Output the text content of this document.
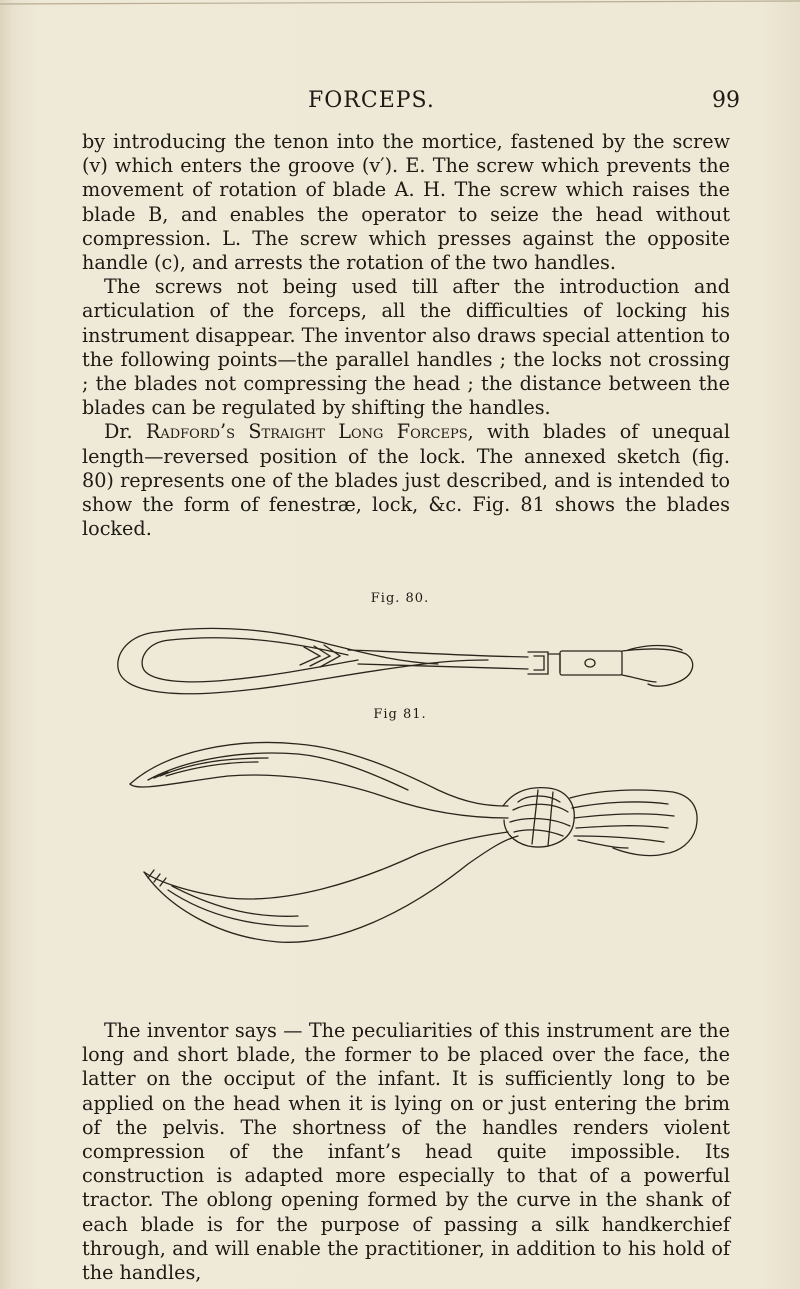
FORCEPS.	99

by introducing the tenon into the mortice, fastened by the screw (v) which enters the groove (v′). E. The screw which prevents the movement of rotation of blade A. H. The screw which raises the blade B, and enables the operator to seize the head without compression. L. The screw which presses against the opposite handle (c), and arrests the rotation of the two handles.

The screws not being used till after the introduction and articulation of the forceps, all the difficulties of locking his instrument disappear. The inventor also draws special attention to the following points—the parallel handles ; the locks not crossing ; the blades not compressing the head ; the distance between the blades can be regulated by shifting the handles.

Dr. Radford’s Straight Long Forceps, with blades of unequal length—reversed position of the lock. The annexed sketch (fig. 80) represents one of the blades just described, and is intended to show the form of fenestræ, lock, &c. Fig. 81 shows the blades locked.

Fig. 80.
Fig 81.

The inventor says — The peculiarities of this instrument are the long and short blade, the former to be placed over the face, the latter on the occiput of the infant. It is sufficiently long to be applied on the head when it is lying on or just entering the brim of the pelvis. The shortness of the handles renders violent compression of the infant’s head quite impossible. Its construction is adapted more especially to that of a powerful tractor. The oblong opening formed by the curve in the shank of each blade is for the purpose of passing a silk handkerchief through, and will enable the practitioner, in addition to his hold of the handles,
